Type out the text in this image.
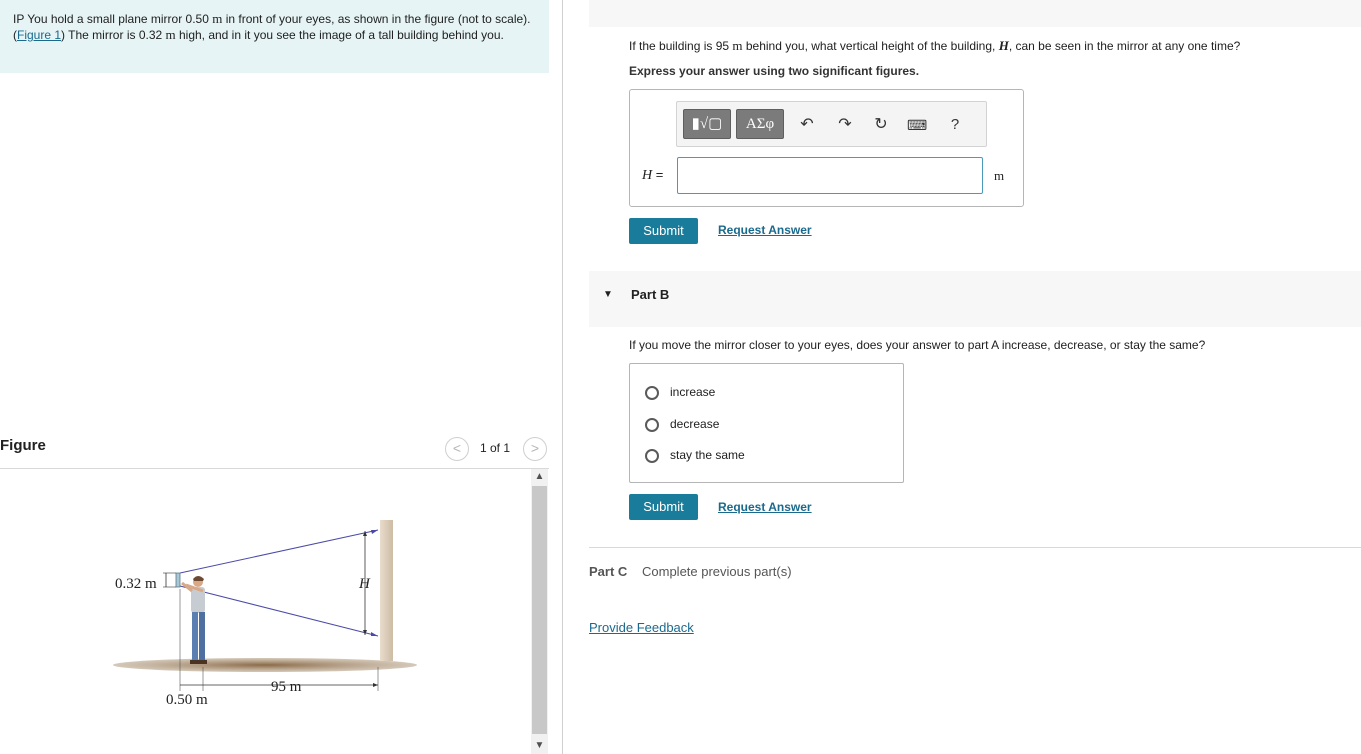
IP You hold a small plane mirror 0.50 m in front of your eyes, as shown in the figure (not to scale). (Figure 1) The mirror is 0.32 m high, and in it you see the image of a tall building behind you.
Figure	<	1 of 1	>
0.32 m	H
95 m
0.50 m
▲
▼
If the building is 95 m behind you, what vertical height of the building, H, can be seen in the mirror at any one time?
Express your answer using two significant figures.
▮√▢	ΑΣφ	↶ ↷ ↻ ⌨	?
H =	m
Submit	Request Answer
▼ Part B
If you move the mirror closer to your eyes, does your answer to part A increase, decrease, or stay the same?
increase
decrease
stay the same
Submit	Request Answer
Part C Complete previous part(s)
Provide Feedback
